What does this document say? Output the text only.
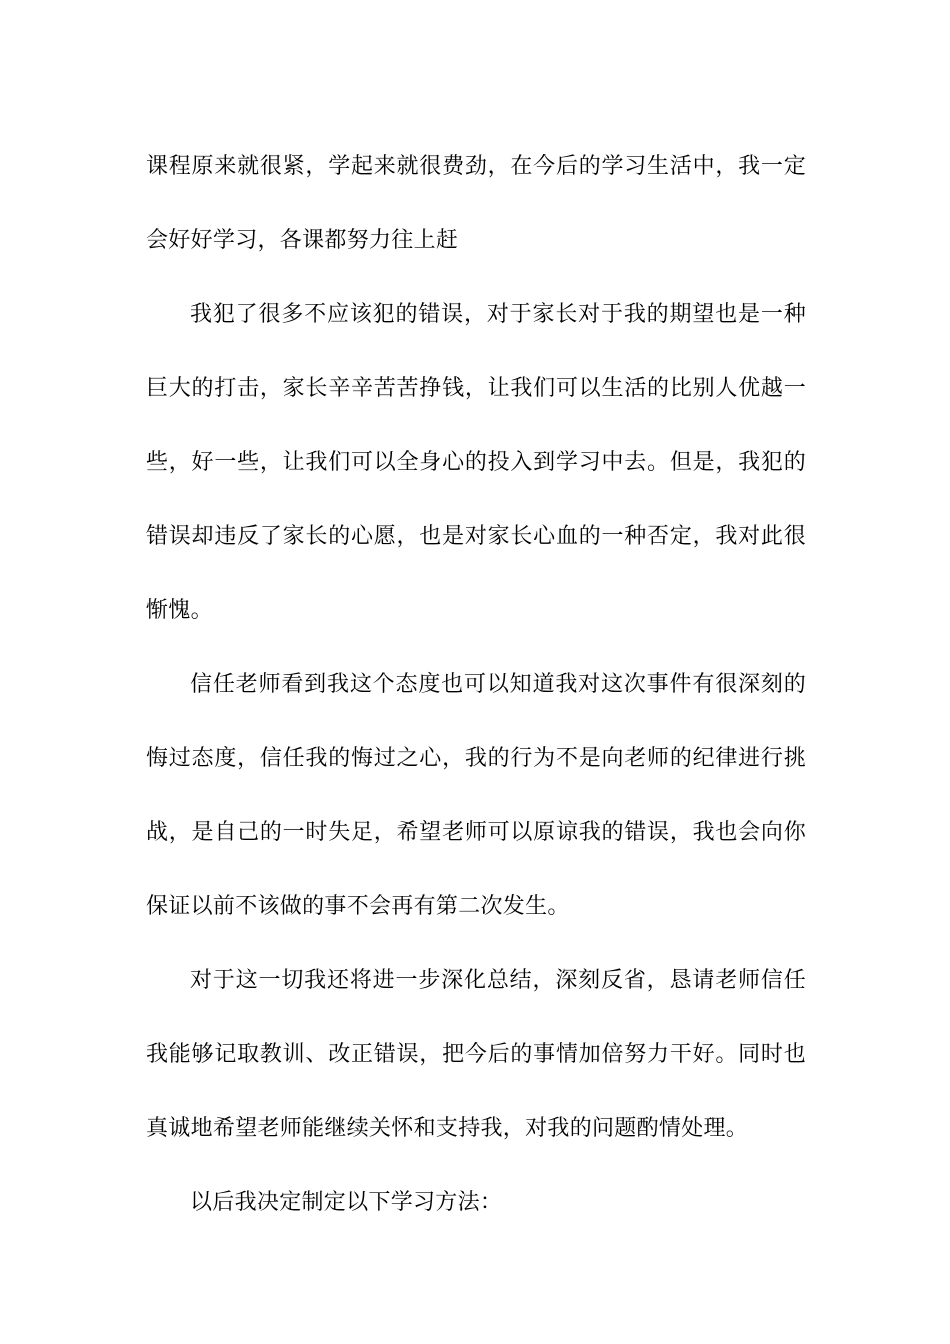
课程原来就很紧，学起来就很费劲，在今后的学习生活中，我一定会好好学习，各课都努力往上赶

我犯了很多不应该犯的错误，对于家长对于我的期望也是一种巨大的打击，家长辛辛苦苦挣钱，让我们可以生活的比别人优越一些，好一些，让我们可以全身心的投入到学习中去。但是，我犯的错误却违反了家长的心愿，也是对家长心血的一种否定，我对此很惭愧。

信任老师看到我这个态度也可以知道我对这次事件有很深刻的悔过态度，信任我的悔过之心，我的行为不是向老师的纪律进行挑战，是自己的一时失足，希望老师可以原谅我的错误，我也会向你保证以前不该做的事不会再有第二次发生。

对于这一切我还将进一步深化总结，深刻反省，恳请老师信任我能够记取教训、改正错误，把今后的事情加倍努力干好。同时也真诚地希望老师能继续关怀和支持我，对我的问题酌情处理。

以后我决定制定以下学习方法：
